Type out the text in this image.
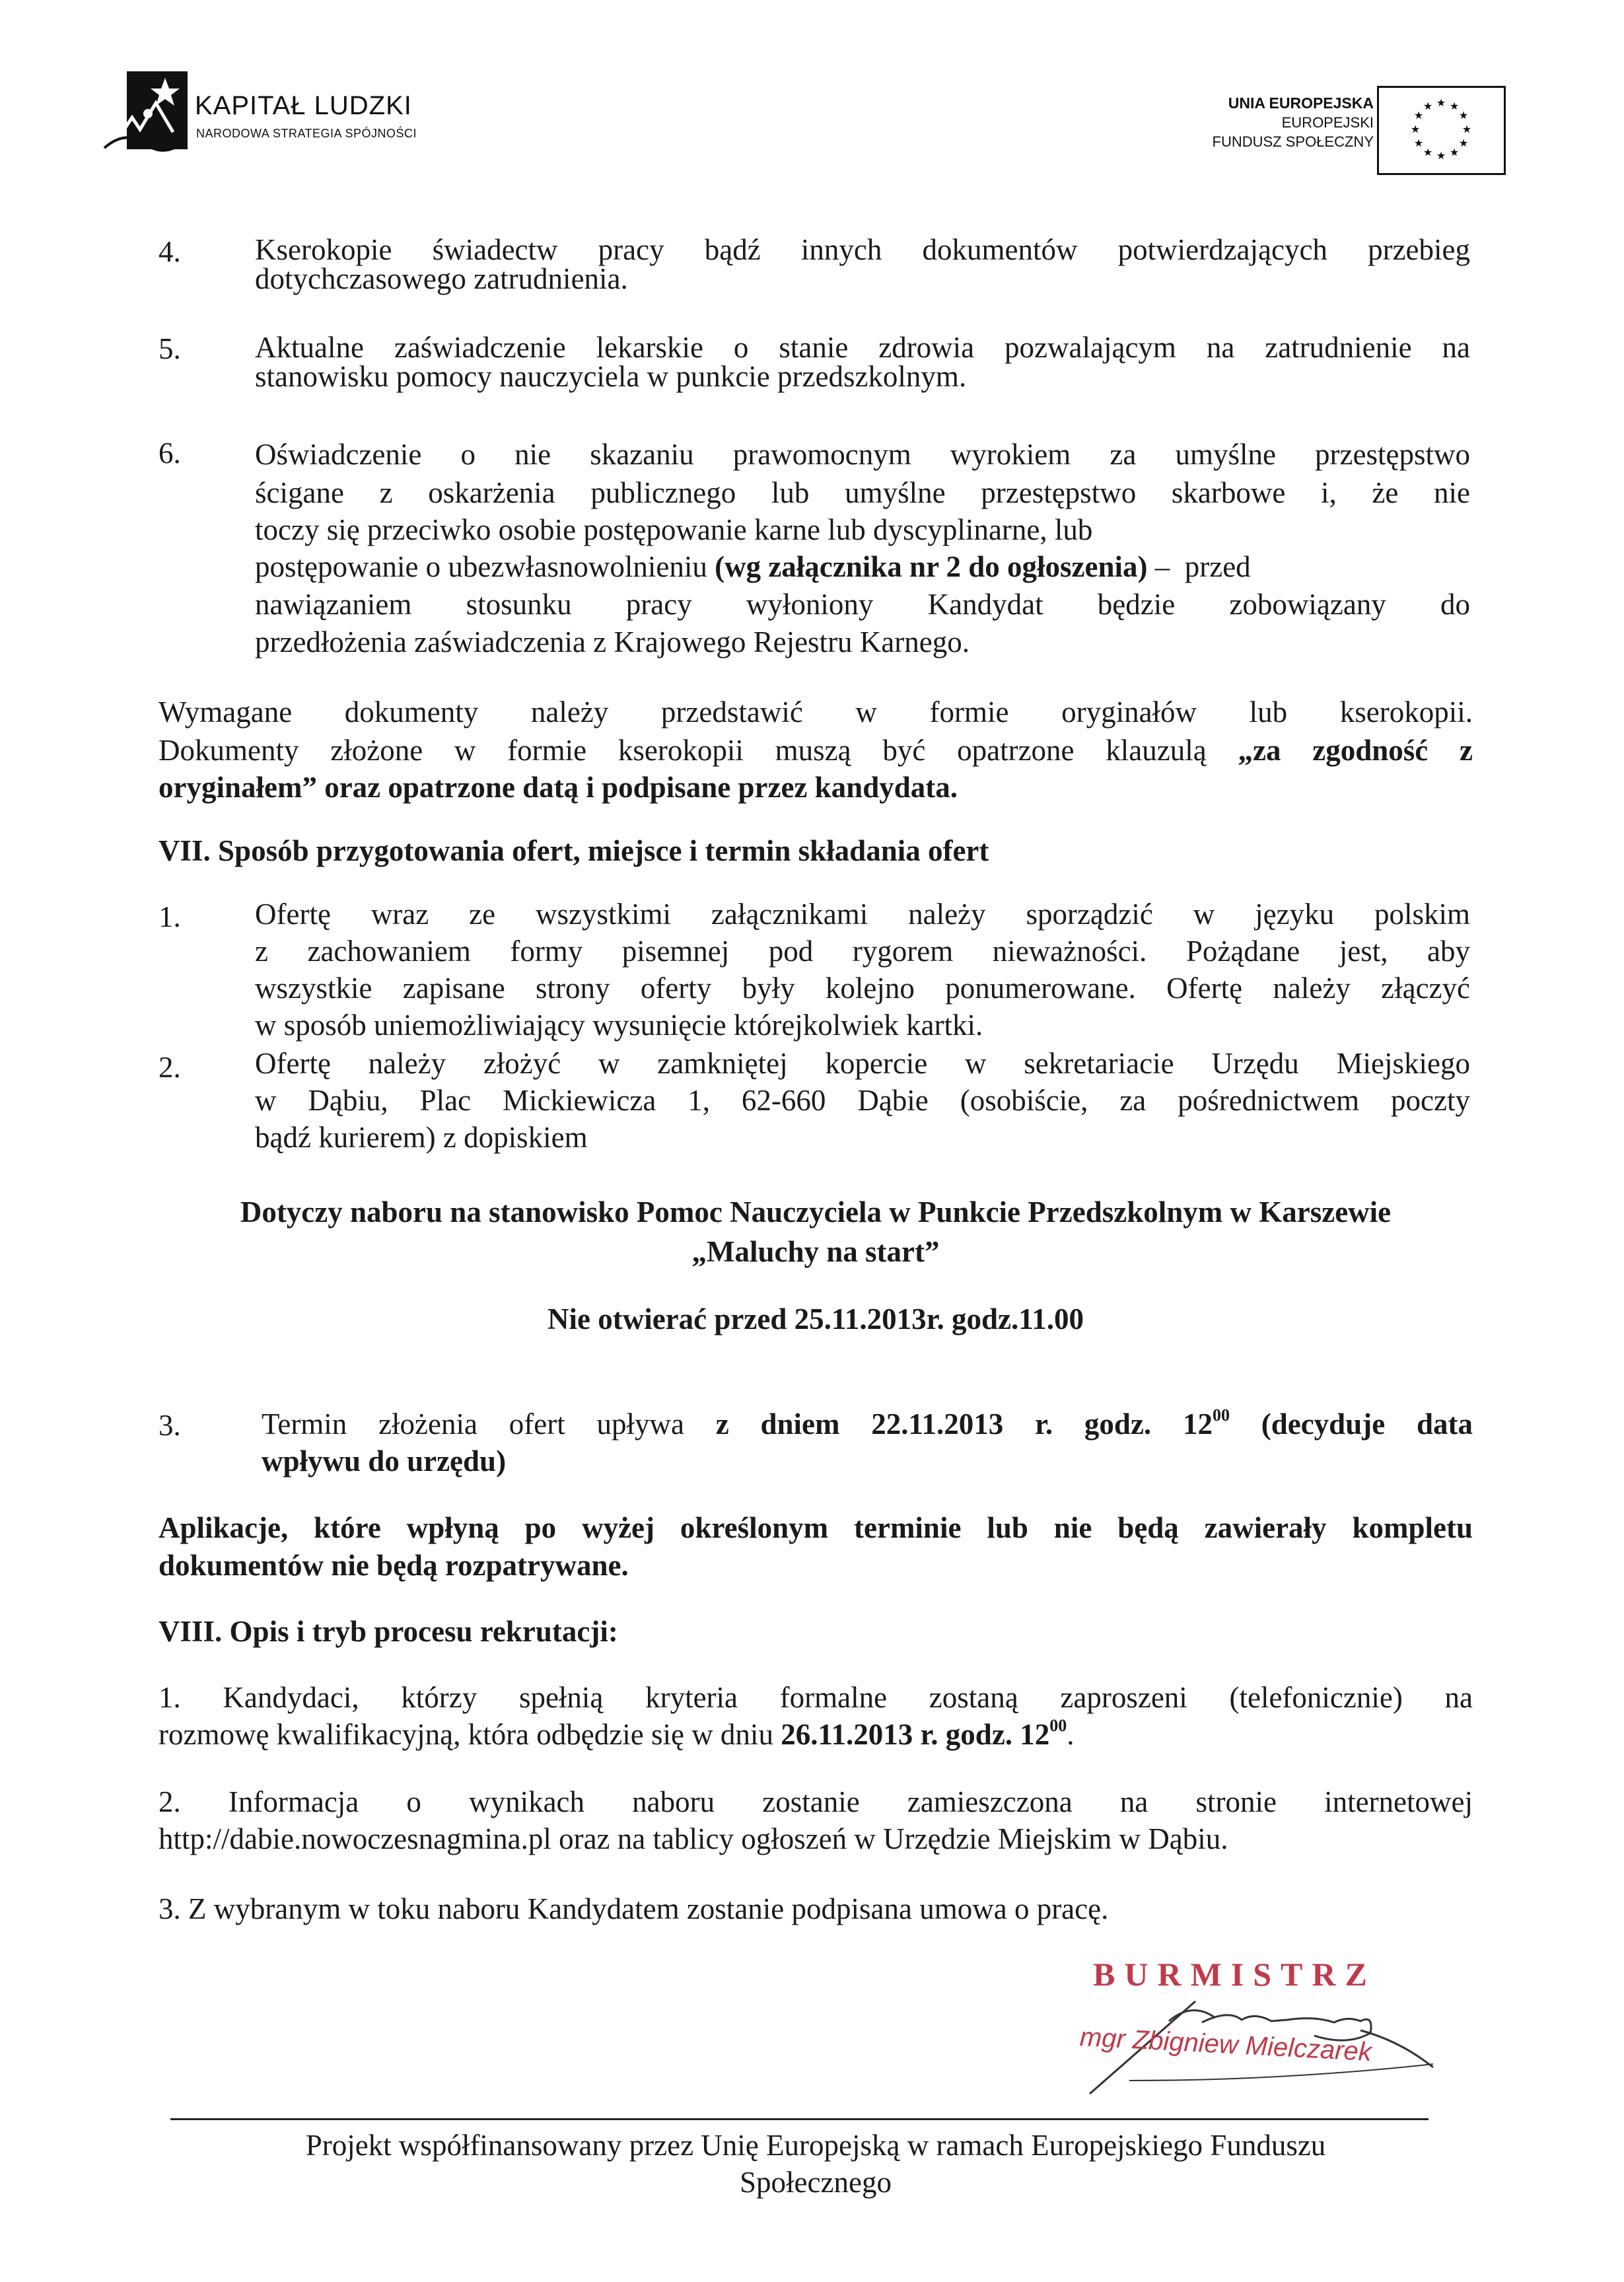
KAPITAŁ LUDZKI
NARODOWA STRATEGIA SPÓJNOŚCI
UNIA EUROPEJSKA
EUROPEJSKI
FUNDUSZ SPOŁECZNY
★ ★
★
★
★
★
★
★
★
★
★
★
4. Kserokopie świadectw pracy bądź innych dokumentów potwierdzających przebieg
dotychczasowego zatrudnienia.
5. Aktualne zaświadczenie lekarskie o stanie zdrowia pozwalającym na zatrudnienie na
stanowisku pomocy nauczyciela w punkcie przedszkolnym.
6. Oświadczenie o nie skazaniu prawomocnym wyrokiem za umyślne przestępstwo
ścigane z oskarżenia publicznego lub umyślne przestępstwo skarbowe i, że nie
toczy się przeciwko osobie postępowanie karne lub dyscyplinarne, lub
postępowanie o ubezwłasnowolnieniu (wg załącznika nr 2 do ogłoszenia) –  przed
nawiązaniem stosunku pracy wyłoniony Kandydat będzie zobowiązany do
przedłożenia zaświadczenia z Krajowego Rejestru Karnego.
Wymagane dokumenty należy przedstawić w formie oryginałów lub kserokopii.
Dokumenty złożone w formie kserokopii muszą być opatrzone klauzulą „za zgodność z
oryginałem” oraz opatrzone datą i podpisane przez kandydata.
VII. Sposób przygotowania ofert, miejsce i termin składania ofert
1. Ofertę wraz ze wszystkimi załącznikami należy sporządzić w języku polskim
z zachowaniem formy pisemnej pod rygorem nieważności. Pożądane jest, aby
wszystkie zapisane strony oferty były kolejno ponumerowane. Ofertę należy złączyć
w sposób uniemożliwiający wysunięcie którejkolwiek kartki.
2. Ofertę należy złożyć w zamkniętej kopercie w sekretariacie Urzędu Miejskiego
w Dąbiu, Plac Mickiewicza 1, 62-660 Dąbie (osobiście, za pośrednictwem poczty
bądź kurierem) z dopiskiem
Dotyczy naboru na stanowisko Pomoc Nauczyciela w Punkcie Przedszkolnym w Karszewie
„Maluchy na start”
Nie otwierać przed 25.11.2013r. godz.11.00
3.	Termin złożenia ofert upływa z dniem 22.11.2013 r. godz. $12^{00}$ (decyduje data
wpływu do urzędu)
Aplikacje, które wpłyną po wyżej określonym terminie lub nie będą zawierały kompletu
dokumentów nie będą rozpatrywane.
VIII. Opis i tryb procesu rekrutacji:
1. Kandydaci, którzy spełnią kryteria formalne zostaną zaproszeni (telefonicznie) na
rozmowę kwalifikacyjną, która odbędzie się w dniu 26.11.2013 r. godz. $12^{00}$.
2. Informacja o wynikach naboru zostanie zamieszczona na stronie internetowej
http://dabie.nowoczesnagmina.pl oraz na tablicy ogłoszeń w Urzędzie Miejskim w Dąbiu.
3. Z wybranym w toku naboru Kandydatem zostanie podpisana umowa o pracę.
BURMISTRZ
mgr Zbigniew Mielczarek
Projekt współfinansowany przez Unię Europejską w ramach Europejskiego Funduszu
Społecznego
